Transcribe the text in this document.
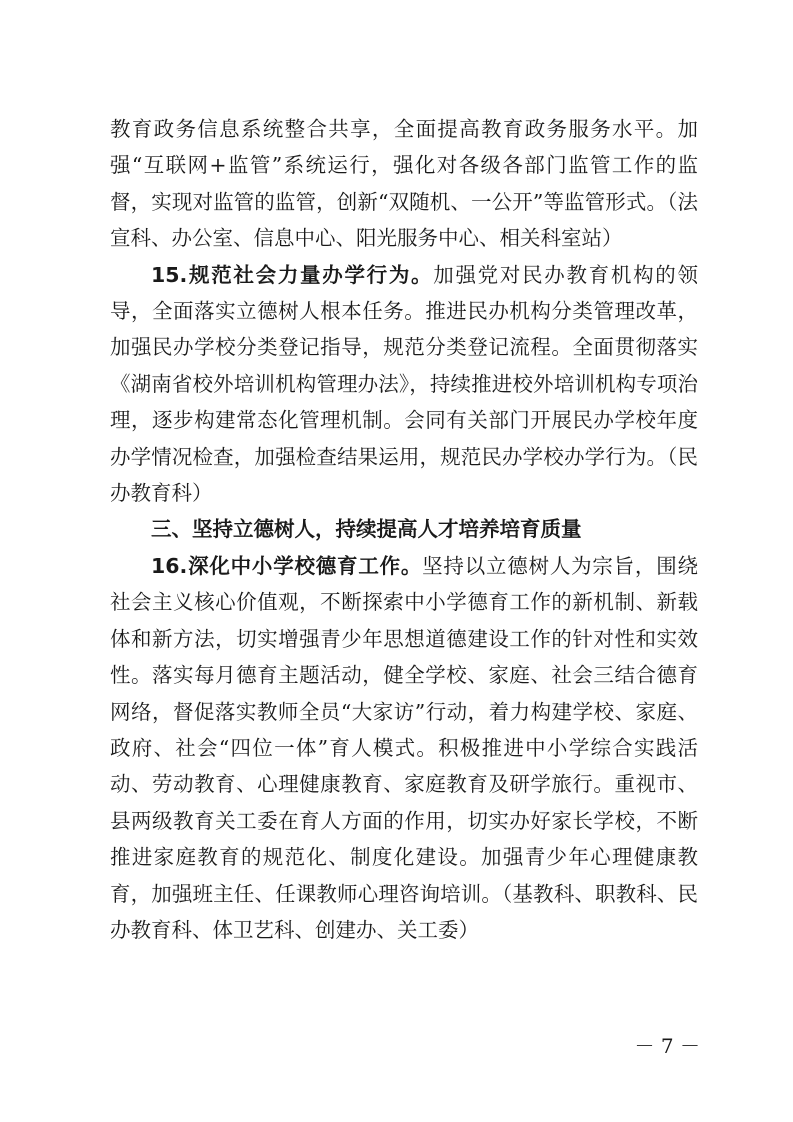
教育政务信息系统整合共享，全面提高教育政务服务水平。加强“互联网+监管”系统运行，强化对各级各部门监管工作的监督，实现对监管的监管，创新“双随机、一公开”等监管形式。（法宣科、办公室、信息中心、阳光服务中心、相关科室站）

15.规范社会力量办学行为。加强党对民办教育机构的领导，全面落实立德树人根本任务。推进民办机构分类管理改革，加强民办学校分类登记指导，规范分类登记流程。全面贯彻落实《湖南省校外培训机构管理办法》，持续推进校外培训机构专项治理，逐步构建常态化管理机制。会同有关部门开展民办学校年度办学情况检查，加强检查结果运用，规范民办学校办学行为。（民办教育科）

三、坚持立德树人，持续提高人才培养培育质量

16.深化中小学校德育工作。坚持以立德树人为宗旨，围绕社会主义核心价值观，不断探索中小学德育工作的新机制、新载体和新方法，切实增强青少年思想道德建设工作的针对性和实效性。落实每月德育主题活动，健全学校、家庭、社会三结合德育网络，督促落实教师全员“大家访”行动，着力构建学校、家庭、政府、社会“四位一体”育人模式。积极推进中小学综合实践活动、劳动教育、心理健康教育、家庭教育及研学旅行。重视市、县两级教育关工委在育人方面的作用，切实办好家长学校，不断推进家庭教育的规范化、制度化建设。加强青少年心理健康教育，加强班主任、任课教师心理咨询培训。（基教科、职教科、民办教育科、体卫艺科、创建办、关工委）

－ 7 －
